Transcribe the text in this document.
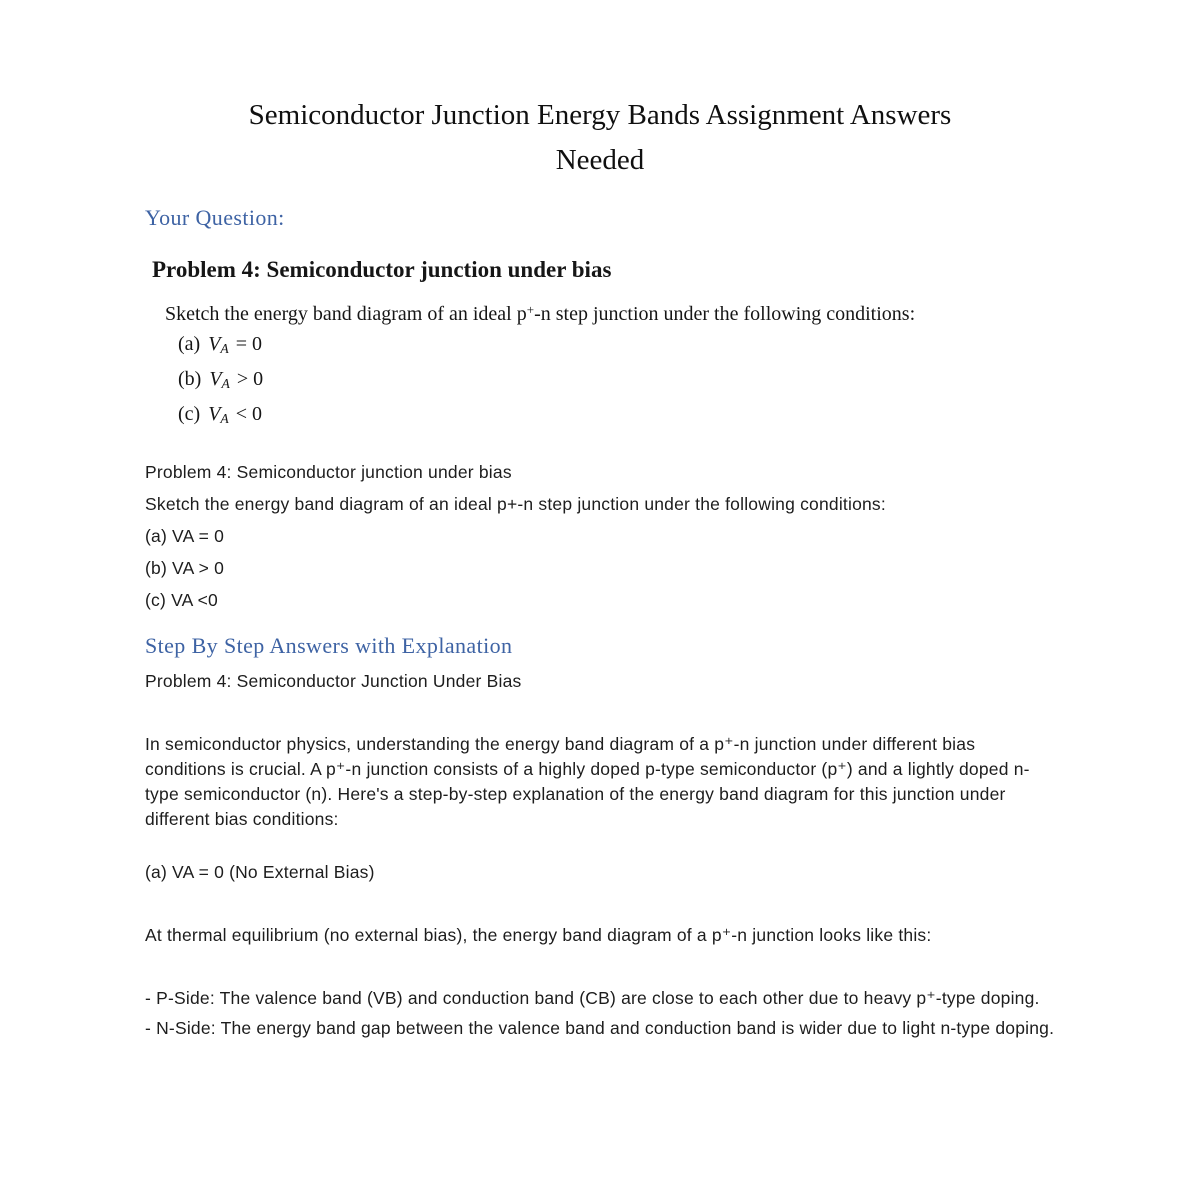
Semiconductor Junction Energy Bands Assignment Answers
Needed
Your Question:
Problem 4: Semiconductor junction under bias
Sketch the energy band diagram of an ideal p+-n step junction under the following conditions:
(a) VA = 0
(b) VA > 0
(c) VA < 0

Problem 4: Semiconductor junction under bias

Sketch the energy band diagram of an ideal p+-n step junction under the following conditions:

(a) VA = 0

(b) VA > 0

(c) VA <0

Step By Step Answers with Explanation

Problem 4: Semiconductor Junction Under Bias

In semiconductor physics, understanding the energy band diagram of a p⁺-n junction under different bias conditions is crucial. A p⁺-n junction consists of a highly doped p-type semiconductor (p⁺) and a lightly doped n-type semiconductor (n). Here's a step-by-step explanation of the energy band diagram for this junction under different bias conditions:

(a) VA = 0 (No External Bias)

At thermal equilibrium (no external bias), the energy band diagram of a p⁺-n junction looks like this:

- P-Side: The valence band (VB) and conduction band (CB) are close to each other due to heavy p⁺-type doping.

- N-Side: The energy band gap between the valence band and conduction band is wider due to light n-type doping.
